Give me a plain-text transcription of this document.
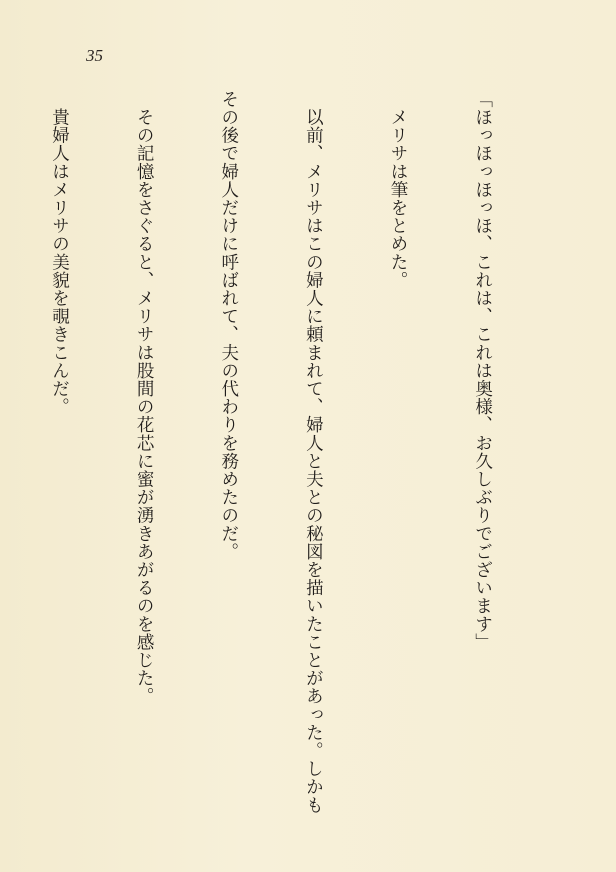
35

「ほっほっほっほ、これは、これは奥様、お久しぶりでございます」

　メリサは筆をとめた。

　以前、メリサはこの婦人に頼まれて、婦人と夫との秘図を描いたことがあった。しかも

その後で婦人だけに呼ばれて、夫の代わりを務めたのだ。

　その記憶をさぐると、メリサは股間の花芯に蜜が湧きあがるのを感じた。

　貴婦人はメリサの美貌を覗きこんだ。
